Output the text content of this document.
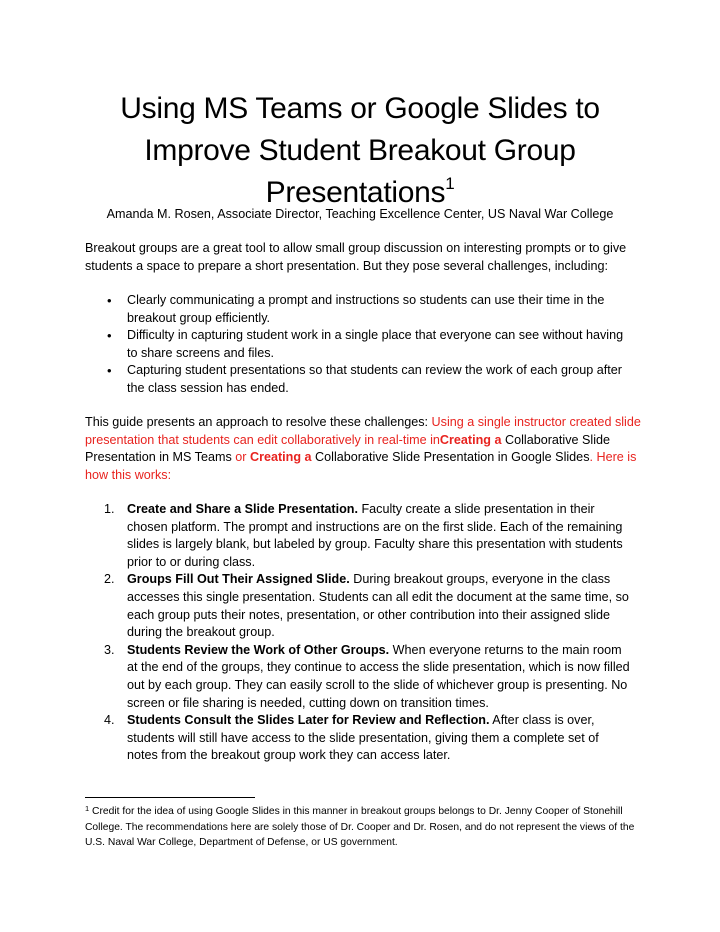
Using MS Teams or Google Slides to
Improve Student Breakout Group
Presentations$^1$
Amanda M. Rosen, Associate Director, Teaching Excellence Center, US Naval War College

Breakout groups are a great tool to allow small group discussion on interesting prompts or to give students a space to prepare a short presentation. But they pose several challenges, including:

• Clearly communicating a prompt and instructions so students can use their time in the breakout group efficiently.
• Difficulty in capturing student work in a single place that everyone can see without having to share screens and files.
• Capturing student presentations so that students can review the work of each group after the class session has ended.

This guide presents an approach to resolve these challenges: Using a single instructor created slide presentation that students can edit collaboratively in real-time inCreating a Collaborative Slide Presentation in MS Teams or Creating a Collaborative Slide Presentation in Google Slides. Here is how this works:

1. Create and Share a Slide Presentation. Faculty create a slide presentation in their chosen platform. The prompt and instructions are on the first slide. Each of the remaining slides is largely blank, but labeled by group. Faculty share this presentation with students prior to or during class.
2. Groups Fill Out Their Assigned Slide. During breakout groups, everyone in the class accesses this single presentation. Students can all edit the document at the same time, so each group puts their notes, presentation, or other contribution into their assigned slide during the breakout group.
3. Students Review the Work of Other Groups. When everyone returns to the main room at the end of the groups, they continue to access the slide presentation, which is now filled out by each group. They can easily scroll to the slide of whichever group is presenting. No screen or file sharing is needed, cutting down on transition times.
4. Students Consult the Slides Later for Review and Reflection. After class is over, students will still have access to the slide presentation, giving them a complete set of notes from the breakout group work they can access later.

$^1$ Credit for the idea of using Google Slides in this manner in breakout groups belongs to Dr. Jenny Cooper of Stonehill College. The recommendations here are solely those of Dr. Cooper and Dr. Rosen, and do not represent the views of the U.S. Naval War College, Department of Defense, or US government.
